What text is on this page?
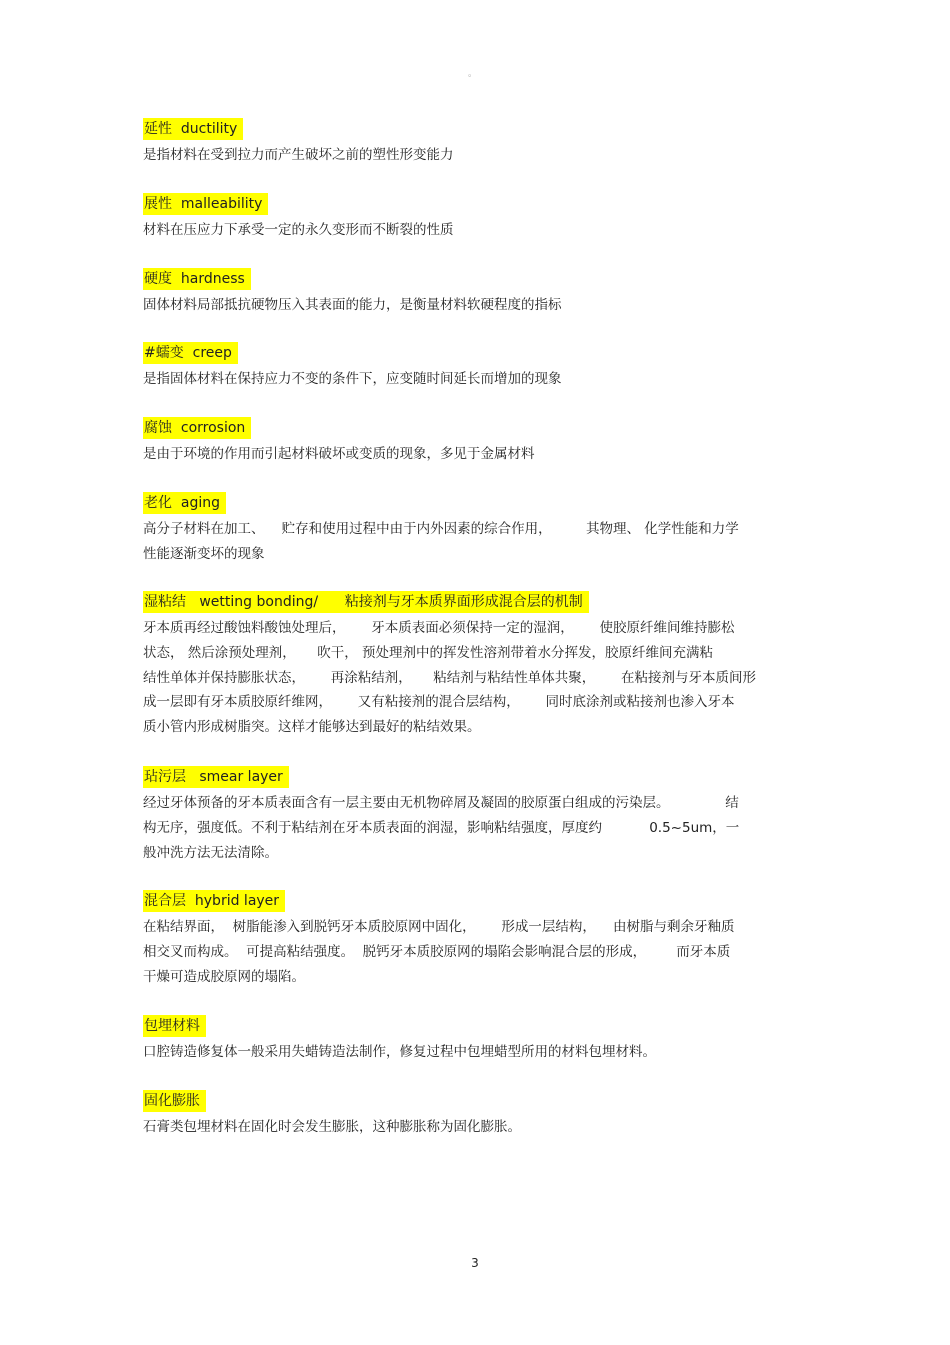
。
延性  ductility
是指材料在受到拉力而产生破坏之前的塑性形变能力
展性  malleability
材料在压应力下承受一定的永久变形而不断裂的性质
硬度  hardness
固体材料局部抵抗硬物压入其表面的能力，是衡量材料软硬程度的指标
#蠕变  creep
是指固体材料在保持应力不变的条件下，应变随时间延长而增加的现象
腐蚀  corrosion
是由于环境的作用而引起材料破坏或变质的现象，多见于金属材料
老化  aging
高分子材料在加工、    贮存和使用过程中由于内外因素的综合作用，        其物理、 化学性能和力学
性能逐渐变坏的现象
湿粘结   wetting bonding/      粘接剂与牙本质界面形成混合层的机制
牙本质再经过酸蚀料酸蚀处理后，      牙本质表面必须保持一定的湿润，      使胶原纤维间维持膨松
状态， 然后涂预处理剂，     吹干， 预处理剂中的挥发性溶剂带着水分挥发，胶原纤维间充满粘
结性单体并保持膨胀状态，      再涂粘结剂，     粘结剂与粘结性单体共聚，      在粘接剂与牙本质间形
成一层即有牙本质胶原纤维网，      又有粘接剂的混合层结构，      同时底涂剂或粘接剂也渗入牙本
质小管内形成树脂突。这样才能够达到最好的粘结效果。
玷污层   smear layer
经过牙体预备的牙本质表面含有一层主要由无机物碎屑及凝固的胶原蛋白组成的污染层。             结
构无序，强度低。不利于粘结剂在牙本质表面的润湿，影响粘结强度，厚度约           0.5~5um，一
般冲洗方法无法清除。
混合层  hybrid layer
在粘结界面，  树脂能渗入到脱钙牙本质胶原网中固化，      形成一层结构，    由树脂与剩余牙釉质
相交叉而构成。  可提高粘结强度。  脱钙牙本质胶原网的塌陷会影响混合层的形成，       而牙本质
干燥可造成胶原网的塌陷。
包埋材料
口腔铸造修复体一般采用失蜡铸造法制作，修复过程中包埋蜡型所用的材料包埋材料。
固化膨胀
石膏类包埋材料在固化时会发生膨胀，这种膨胀称为固化膨胀。
3
